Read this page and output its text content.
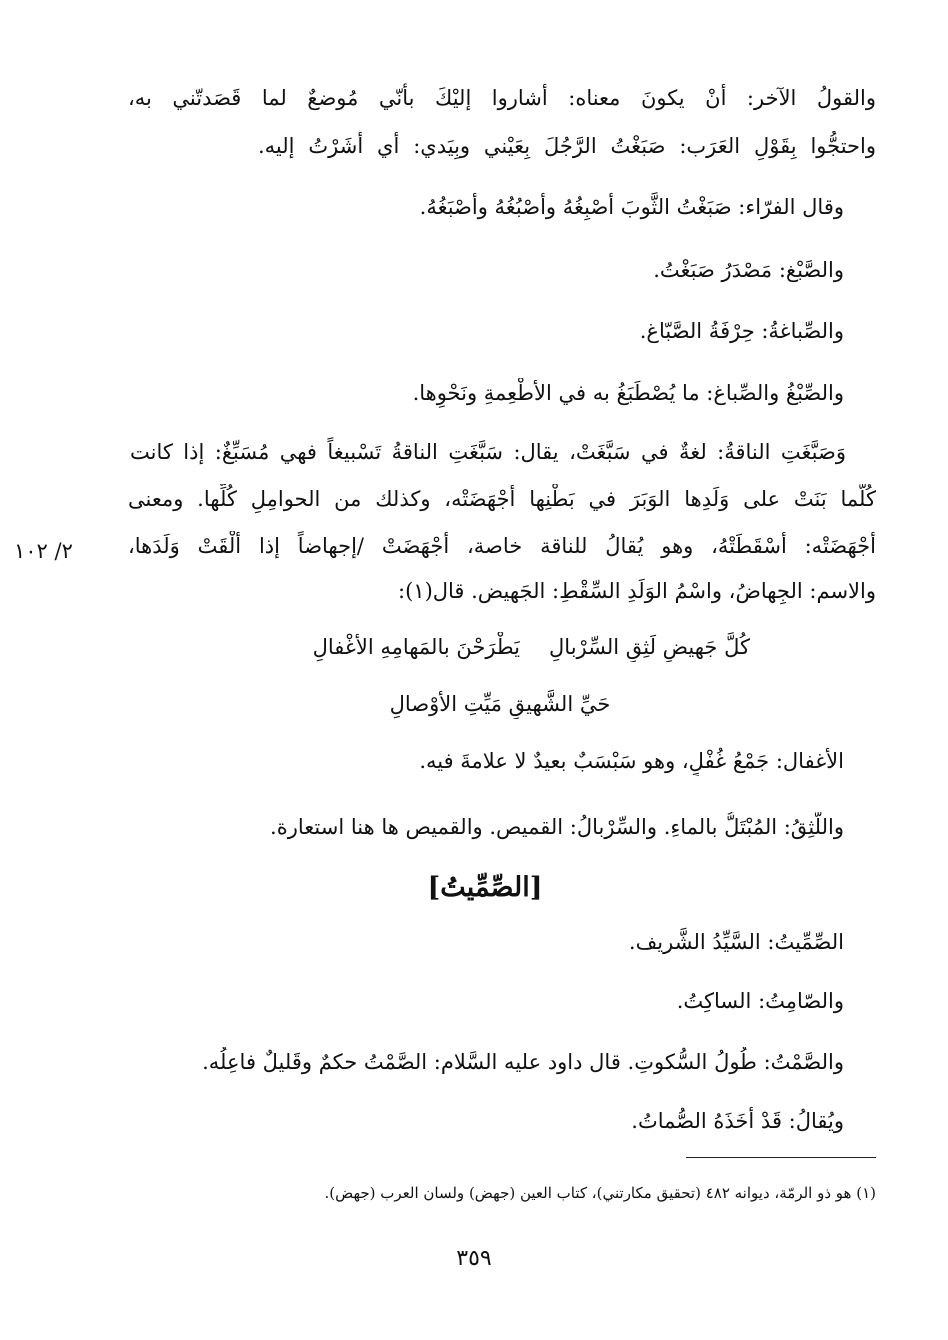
والقولُ الآخر: أنْ يكونَ معناه: أشاروا إليْكَ بأنّي مُوضعٌ لما قَصَدتّني به،
واحتجُّوا بِقَوْلِ العَرَب: صَبَغْتُ الرَّجُلَ بِعَيْني وبِيَدي: أي أشَرْتُ إليه.
وقال الفرّاء: صَبَغْتُ الثَّوبَ أصْبِغُهُ وأصْبُغُهُ وأصْبَغُهُ.
والصَّبْغ: مَصْدَرُ صَبَغْتُ.
والصِّباغةُ: حِرْفَةُ الصَّبّاغ.
والصِّبْغُ والصِّباغ: ما يُصْطَبَغُ به في الأطْعِمةِ ونَحْوِها.
وَصَبَّغَتِ الناقةُ: لغةٌ في سَبَّغَتْ، يقال: سَبَّغَتِ الناقةُ تَسْبيغاً فهي مُسَبِّغٌ: إذا كانت
كُلَّما بَنَتْ على وَلَدِها الوَبَرَ في بَطْنِها أجْهَضَتْه، وكذلك من الحوامِلِ كُلِّها. ومعنى
أجْهَضَتْه: أسْقَطَتْهُ، وهو يُقالُ للناقة خاصة، أجْهَضَتْ /إجهاضاً إذا ألْقَتْ وَلَدَها،
٢/ ١٠٢
والاسم: الجِهاضُ، واسْمُ الوَلَدِ السِّقْطِ: الجَهيض. قال(١):
يَطْرَحْنَ بالمَهامِهِ الأغْفالِ كُلَّ جَهيضٍ لَثِقِ السِّرْبالِ
حَيِّ الشَّهيقِ مَيِّتِ الأوْصالِ
الأغفال: جَمْعُ غُفْلٍ، وهو سَبْسَبٌ بعيدٌ لا علامةَ فيه.
واللَّثِقُ: المُبْتَلُّ بالماءِ. والسِّرْبالُ: القميص. والقميص ها هنا استعارة.
[الصِّمِّيتُ]
الصِّمِّيتُ: السَّيِّدُ الشَّريف.
والصّامِتُ: الساكِتُ.
والصَّمْتُ: طُولُ السُّكوتِ. قال داود عليه السَّلام: الصَّمْتُ حكمٌ وقَليلٌ فاعِلُه.
ويُقالُ: قَدْ أخَذَهُ الصُّماتُ.
(١) هو ذو الرمّة، ديوانه ٤٨٢ (تحقيق مكارتني)، كتاب العين (جهض) ولسان العرب (جهض).
٣٥٩
